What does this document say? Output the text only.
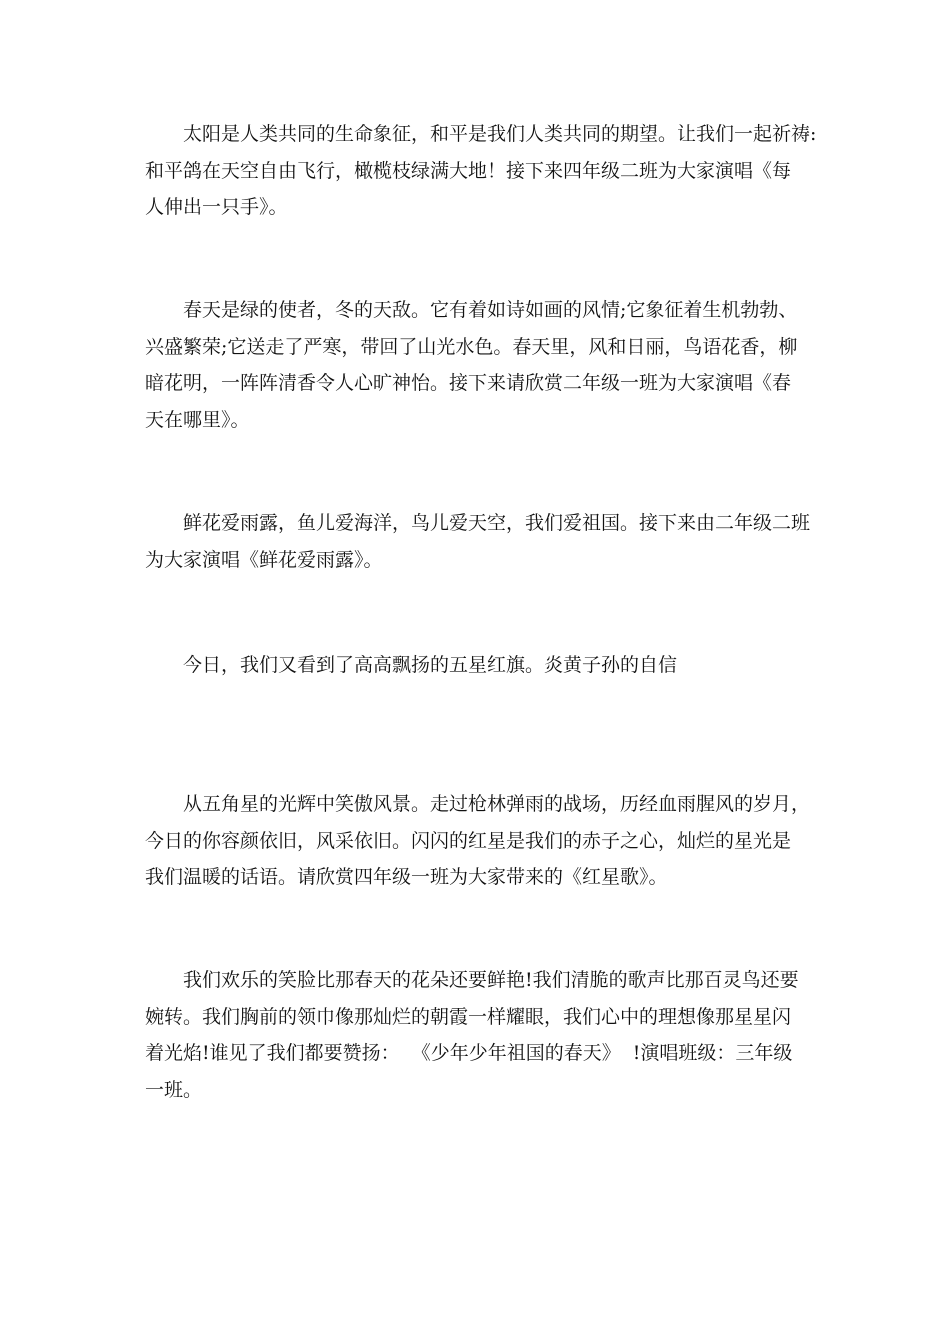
太阳是人类共同的生命象征，和平是我们人类共同的期望。让我们一起祈祷:
和平鸽在天空自由飞行，橄榄枝绿满大地！接下来四年级二班为大家演唱《每
人伸出一只手》。
春天是绿的使者，冬的天敌。它有着如诗如画的风情;它象征着生机勃勃、
兴盛繁荣;它送走了严寒，带回了山光水色。春天里，风和日丽，鸟语花香，柳
暗花明，一阵阵清香令人心旷神怡。接下来请欣赏二年级一班为大家演唱《春
天在哪里》。
鲜花爱雨露，鱼儿爱海洋，鸟儿爱天空，我们爱祖国。接下来由二年级二班
为大家演唱《鲜花爱雨露》。
今日，我们又看到了高高飘扬的五星红旗。炎黄子孙的自信
从五角星的光辉中笑傲风景。走过枪林弹雨的战场，历经血雨腥风的岁月，
今日的你容颜依旧，风采依旧。闪闪的红星是我们的赤子之心，灿烂的星光是
我们温暖的话语。请欣赏四年级一班为大家带来的《红星歌》。
我们欢乐的笑脸比那春天的花朵还要鲜艳!我们清脆的歌声比那百灵鸟还要
婉转。我们胸前的领巾像那灿烂的朝霞一样耀眼，我们心中的理想像那星星闪
着光焰!谁见了我们都要赞扬：  《少年少年祖国的春天》  !演唱班级：三年级
一班。
